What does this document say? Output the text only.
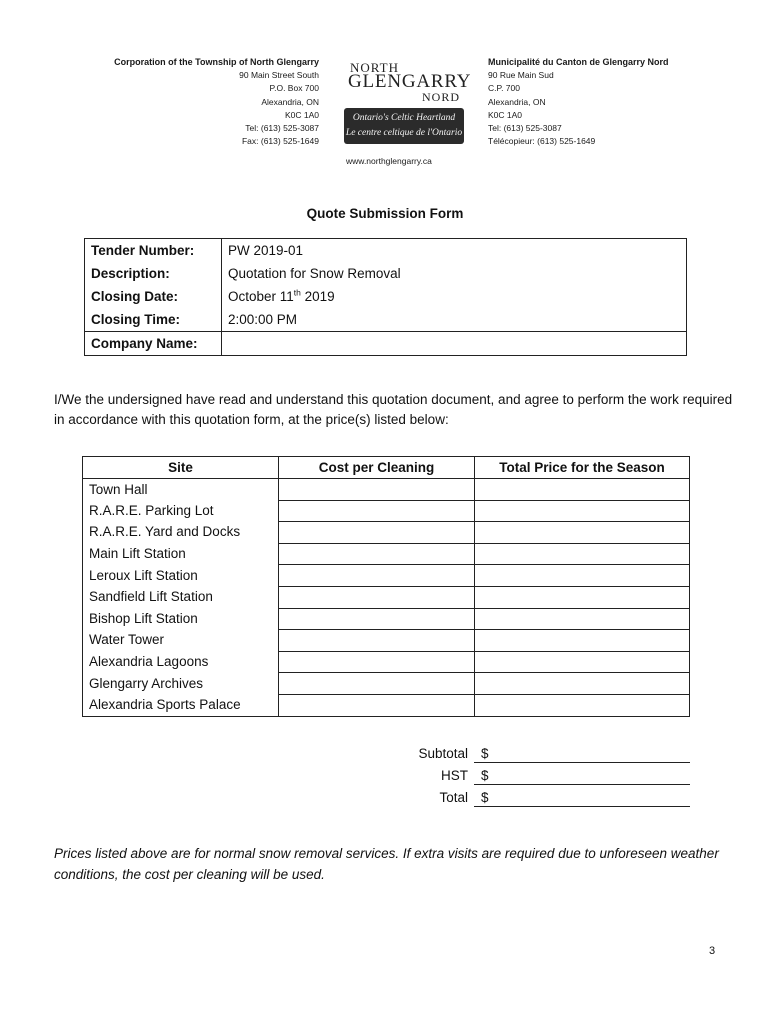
Corporation of the Township of North Glengarry
90 Main Street South
P.O. Box 700
Alexandria, ON
K0C 1A0
Tel: (613) 525-3087
Fax: (613) 525-1649
NORTH
GLENGARRY
NORD
Ontario's Celtic Heartland
Le centre celtique de l'Ontario
www.northglengarry.ca
Municipalité du Canton de Glengarry Nord
90 Rue Main Sud
C.P. 700
Alexandria, ON
K0C 1A0
Tel: (613) 525-3087
Télécopieur: (613) 525-1649
Quote Submission Form
Tender Number:	PW 2019-01
Description:	Quotation for Snow Removal
Closing Date:	October 11th 2019
Closing Time:	2:00:00 PM
Company Name:	
I/We the undersigned have read and understand this quotation document, and agree to perform the work required in accordance with this quotation form, at the price(s) listed below:
Site	Cost per Cleaning	Total Price for the Season
Town Hall		
R.A.R.E. Parking Lot		
R.A.R.E. Yard and Docks		
Main Lift Station		
Leroux Lift Station		
Sandfield Lift Station		
Bishop Lift Station		
Water Tower		
Alexandria Lagoons		
Glengarry Archives		
Alexandria Sports Palace		
Subtotal $
HST $
Total $
Prices listed above are for normal snow removal services. If extra visits are required due to unforeseen weather conditions, the cost per cleaning will be used.
3
